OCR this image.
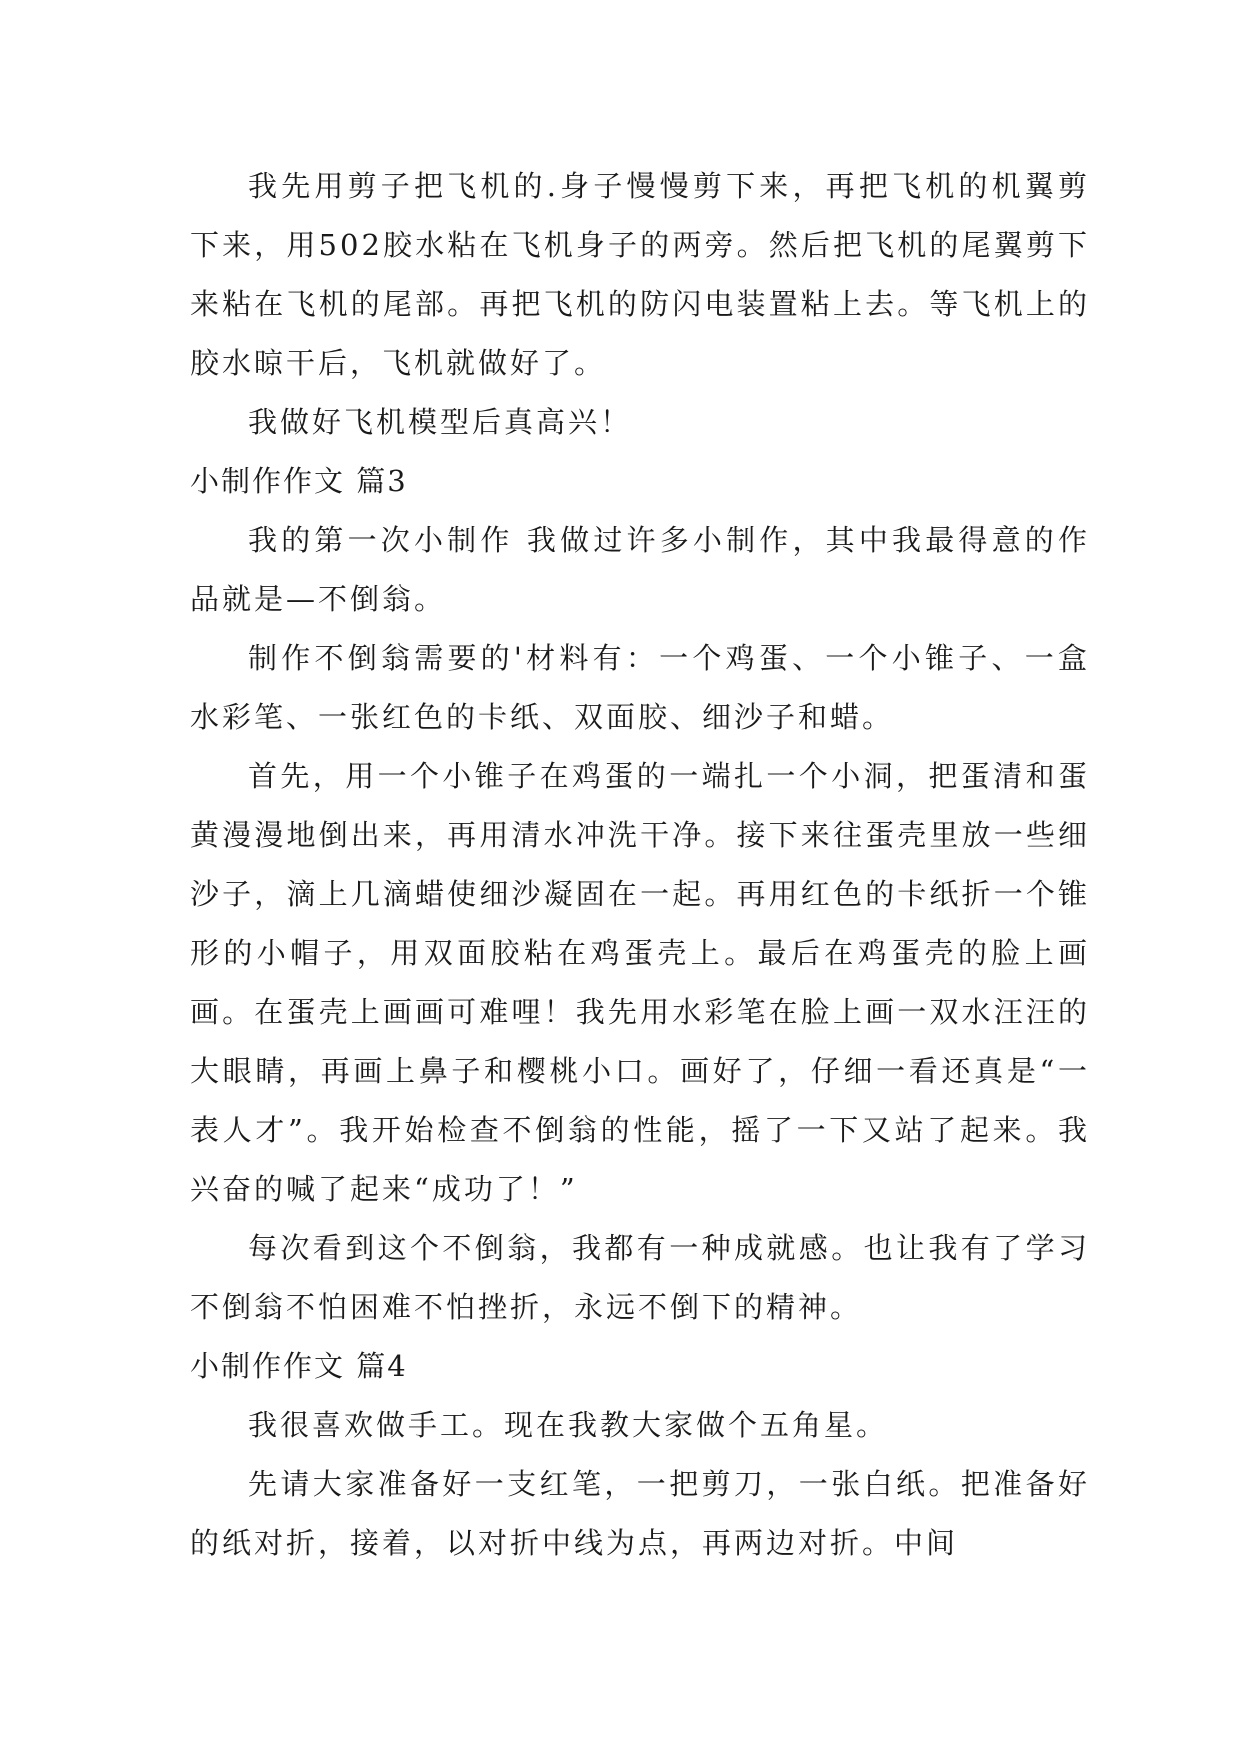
我先用剪子把飞机的.身子慢慢剪下来，再把飞机的机翼剪下来，用502胶水粘在飞机身子的两旁。然后把飞机的尾翼剪下来粘在飞机的尾部。再把飞机的防闪电装置粘上去。等飞机上的胶水晾干后，飞机就做好了。

我做好飞机模型后真高兴！

小制作作文 篇3

我的第一次小制作 我做过许多小制作，其中我最得意的作品就是—不倒翁。

制作不倒翁需要的'材料有：一个鸡蛋、一个小锥子、一盒水彩笔、一张红色的卡纸、双面胶、细沙子和蜡。

首先，用一个小锥子在鸡蛋的一端扎一个小洞，把蛋清和蛋黄漫漫地倒出来，再用清水冲洗干净。接下来往蛋壳里放一些细沙子，滴上几滴蜡使细沙凝固在一起。再用红色的卡纸折一个锥形的小帽子，用双面胶粘在鸡蛋壳上。最后在鸡蛋壳的脸上画画。在蛋壳上画画可难哩！我先用水彩笔在脸上画一双水汪汪的大眼睛，再画上鼻子和樱桃小口。画好了，仔细一看还真是“一表人才”。我开始检查不倒翁的性能，摇了一下又站了起来。我兴奋的喊了起来“成功了！”

每次看到这个不倒翁，我都有一种成就感。也让我有了学习不倒翁不怕困难不怕挫折，永远不倒下的精神。

小制作作文 篇4

我很喜欢做手工。现在我教大家做个五角星。

先请大家准备好一支红笔，一把剪刀，一张白纸。把准备好的纸对折，接着，以对折中线为点，再两边对折。中间
